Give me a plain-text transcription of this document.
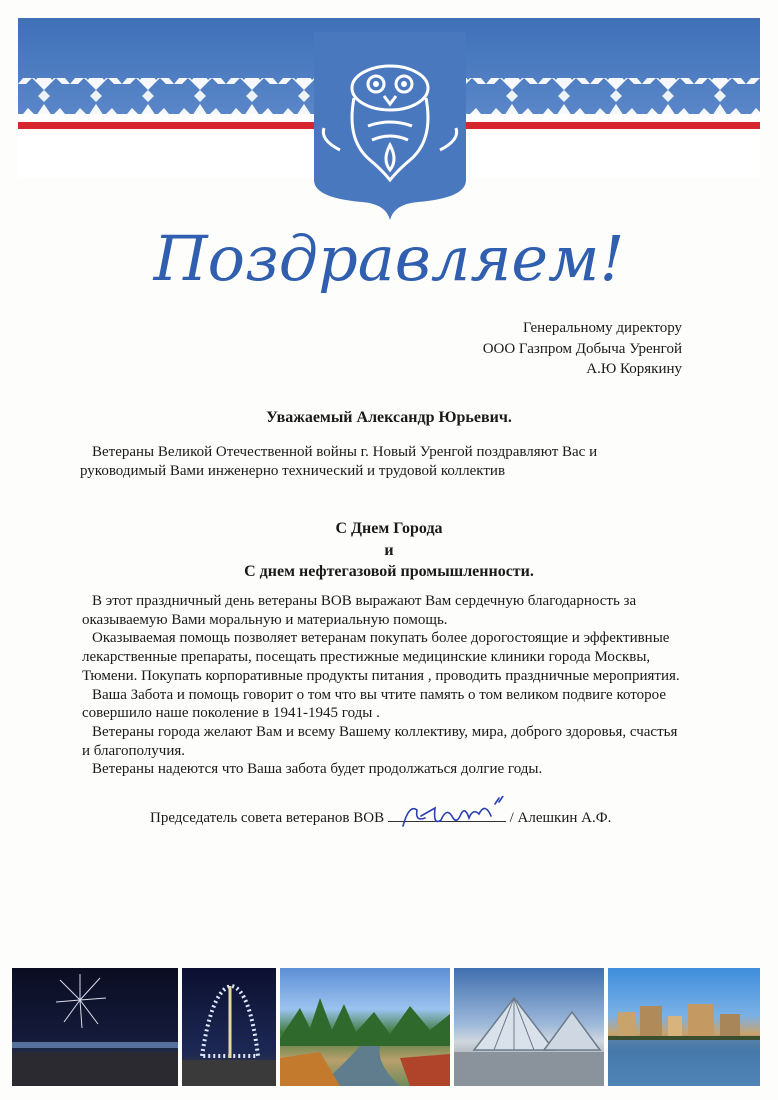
Поздравляем!
Генеральному директору
ООО Газпром Добыча Уренгой
А.Ю Корякину
Уважаемый Александр Юрьевич.
Ветераны Великой Отечественной войны г. Новый Уренгой поздравляют Вас и руководимый Вами инженерно технический и трудовой коллектив
С Днем Города
и
С днем нефтегазовой промышленности.

В этот праздничный день ветераны ВОВ выражают Вам сердечную благодарность за оказываемую Вами моральную и материальную помощь.

Оказываемая помощь позволяет ветеранам покупать более дорогостоящие и эффективные лекарственные препараты, посещать престижные медицинские клиники города Москвы, Тюмени. Покупать корпоративные продукты питания , проводить праздничные мероприятия.

Ваша Забота и помощь говорит о том что вы чтите память о том великом подвиге которое совершило наше поколение в 1941-1945 годы .

Ветераны города желают Вам и всему Вашему коллективу, мира, доброго здоровья, счастья и благополучия.

Ветераны надеются что Ваша забота будет продолжаться долгие годы.

Председатель совета ветеранов ВОВ	/ Алешкин А.Ф.
